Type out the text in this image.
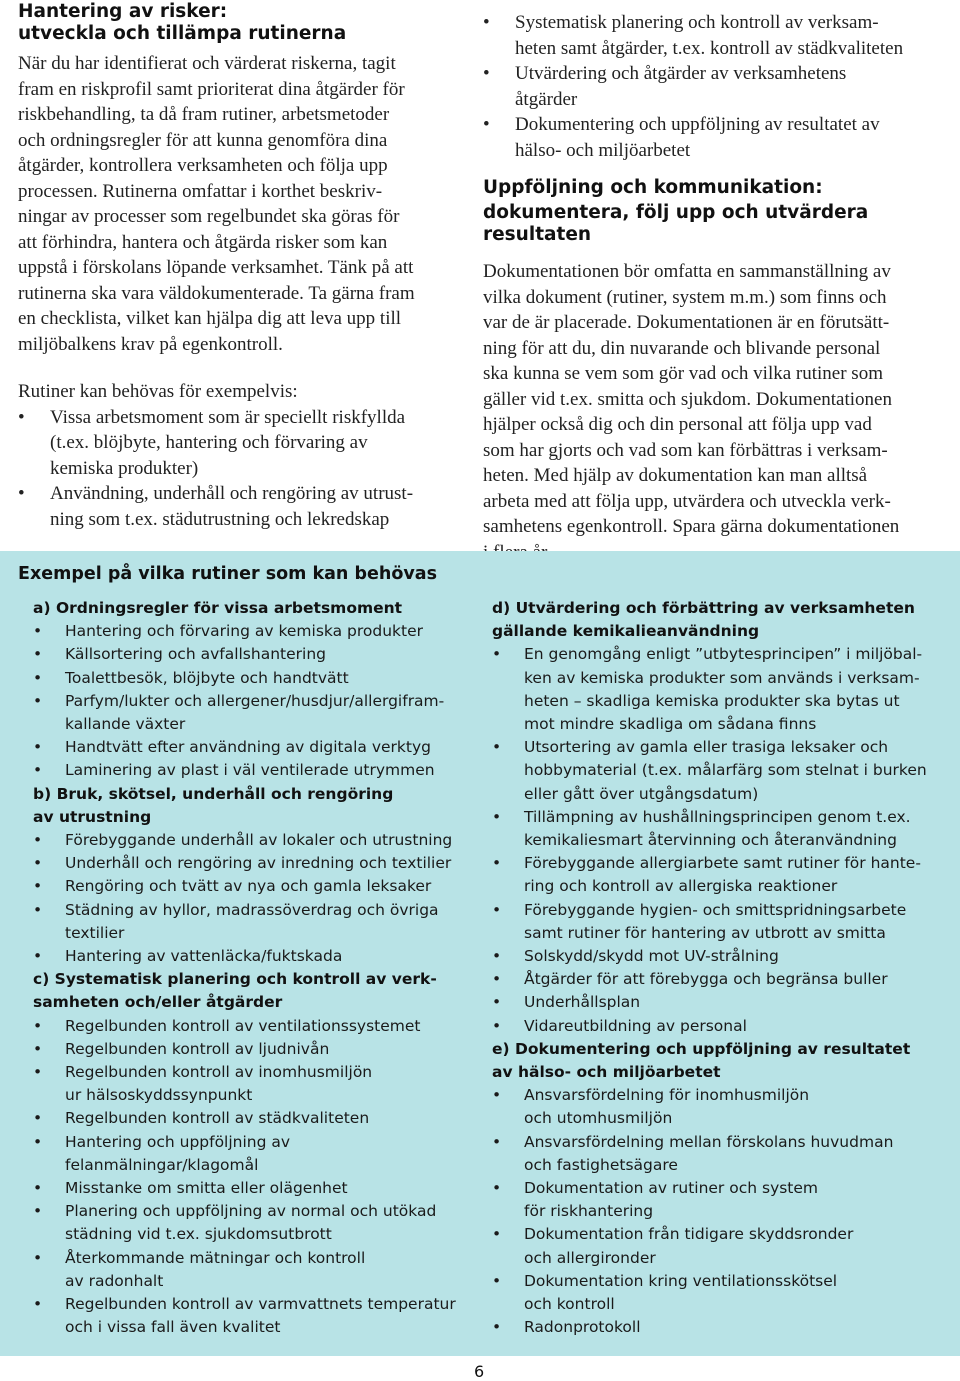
Hantering av risker:
utveckla och tillämpa rutinerna
När du har identifierat och värderat riskerna, tagit
fram en riskprofil samt prioriterat dina åtgärder för
riskbehandling, ta då fram rutiner, arbetsmetoder
och ordningsregler för att kunna genomföra dina
åtgärder, kontrollera verksamheten och följa upp
processen. Rutinerna omfattar i korthet beskriv-
ningar av processer som regelbundet ska göras för
att förhindra, hantera och åtgärda risker som kan
uppstå i förskolans löpande verksamhet. Tänk på att
rutinerna ska vara väldokumenterade. Ta gärna fram
en checklista, vilket kan hjälpa dig att leva upp till
miljöbalkens krav på egenkontroll.
Rutiner kan behövas för exempelvis:
• Vissa arbetsmoment som är speciellt riskfyllda
(t.ex. blöjbyte, hantering och förvaring av
kemiska produkter)
• Användning, underhåll och rengöring av utrust-
ning som t.ex. städutrustning och lekredskap
• Systematisk planering och kontroll av verksam-
heten samt åtgärder, t.ex. kontroll av städkvaliteten
• Utvärdering och åtgärder av verksamhetens
åtgärder
• Dokumentering och uppföljning av resultatet av
hälso- och miljöarbetet
Uppföljning och kommunikation:
dokumentera, följ upp och utvärdera resultaten
Dokumentationen bör omfatta en sammanställning av
vilka dokument (rutiner, system m.m.) som finns och
var de är placerade. Dokumentationen är en förutsätt-
ning för att du, din nuvarande och blivande personal
ska kunna se vem som gör vad och vilka rutiner som
gäller vid t.ex. smitta och sjukdom. Dokumentationen
hjälper också dig och din personal att följa upp vad
som har gjorts och vad som kan förbättras i verksam-
heten. Med hjälp av dokumentation kan man alltså
arbeta med att följa upp, utvärdera och utveckla verk-
samhetens egenkontroll. Spara gärna dokumentationen
Exempel på vilka rutiner som kan behövas
a) Ordningsregler för vissa arbetsmoment
• Hantering och förvaring av kemiska produkter
• Källsortering och avfallshantering
• Toalettbesök, blöjbyte och handtvätt
• Parfym/lukter och allergener/husdjur/allergifram-
kallande växter
• Handtvätt efter användning av digitala verktyg
• Laminering av plast i väl ventilerade utrymmen
b) Bruk, skötsel, underhåll och rengöring
av utrustning
• Förebyggande underhåll av lokaler och utrustning
• Underhåll och rengöring av inredning och textilier
• Rengöring och tvätt av nya och gamla leksaker
• Städning av hyllor, madrassöverdrag och övriga
textilier
• Hantering av vattenläcka/fuktskada
c) Systematisk planering och kontroll av verk-
samheten och/eller åtgärder
• Regelbunden kontroll av ventilationssystemet
• Regelbunden kontroll av ljudnivån
• Regelbunden kontroll av inomhusmiljön
ur hälsoskyddssynpunkt
• Regelbunden kontroll av städkvaliteten
• Hantering och uppföljning av
felanmälningar/klagomål
• Misstanke om smitta eller olägenhet
• Planering och uppföljning av normal och utökad
städning vid t.ex. sjukdomsutbrott
• Återkommande mätningar och kontroll
av radonhalt
• Regelbunden kontroll av varmvattnets temperatur
och i vissa fall även kvalitet
d) Utvärdering och förbättring av verksamheten
gällande kemikalieanvändning
• En genomgång enligt ”utbytesprincipen” i miljöbal-
ken av kemiska produkter som används i verksam-
heten – skadliga kemiska produkter ska bytas ut
mot mindre skadliga om sådana finns
• Utsortering av gamla eller trasiga leksaker och
hobbymaterial (t.ex. målarfärg som stelnat i burken
eller gått över utgångsdatum)
• Tillämpning av hushållningsprincipen genom t.ex.
kemikaliesmart återvinning och återanvändning
• Förebyggande allergiarbete samt rutiner för hante-
ring och kontroll av allergiska reaktioner
• Förebyggande hygien- och smittspridningsarbete
samt rutiner för hantering av utbrott av smitta
• Solskydd/skydd mot UV-strålning
• Åtgärder för att förebygga och begränsa buller
• Underhållsplan
• Vidareutbildning av personal
e) Dokumentering och uppföljning av resultatet
av hälso- och miljöarbetet
• Ansvarsfördelning för inomhusmiljön
och utomhusmiljön
• Ansvarsfördelning mellan förskolans huvudman
och fastighetsägare
• Dokumentation av rutiner och system
för riskhantering
• Dokumentation från tidigare skyddsronder
och allergironder
• Dokumentation kring ventilationsskötsel
och kontroll
• Radonprotokoll
6
